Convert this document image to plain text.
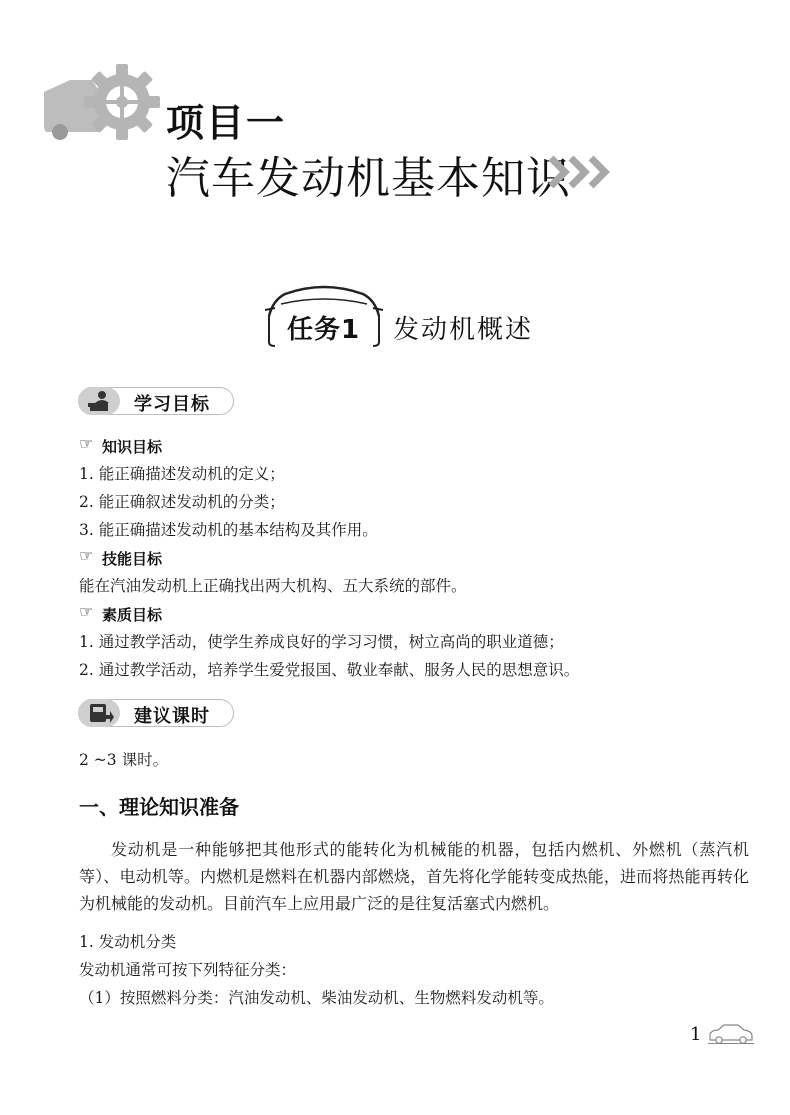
项目一
汽车发动机基本知识
任务1 发动机概述
学习目标
☞ 知识目标
1. 能正确描述发动机的定义；
2. 能正确叙述发动机的分类；
3. 能正确描述发动机的基本结构及其作用。
☞ 技能目标
能在汽油发动机上正确找出两大机构、五大系统的部件。
☞ 素质目标
1. 通过教学活动，使学生养成良好的学习习惯，树立高尚的职业道德；
2. 通过教学活动，培养学生爱党报国、敬业奉献、服务人民的思想意识。
建议课时
2 ~3 课时。
一、理论知识准备
发动机是一种能够把其他形式的能转化为机械能的机器，包括内燃机、外燃机（蒸汽机等）、电动机等。内燃机是燃料在机器内部燃烧，首先将化学能转变成热能，进而将热能再转化为机械能的发动机。目前汽车上应用最广泛的是往复活塞式内燃机。
1. 发动机分类
发动机通常可按下列特征分类：
（1）按照燃料分类：汽油发动机、柴油发动机、生物燃料发动机等。
1
